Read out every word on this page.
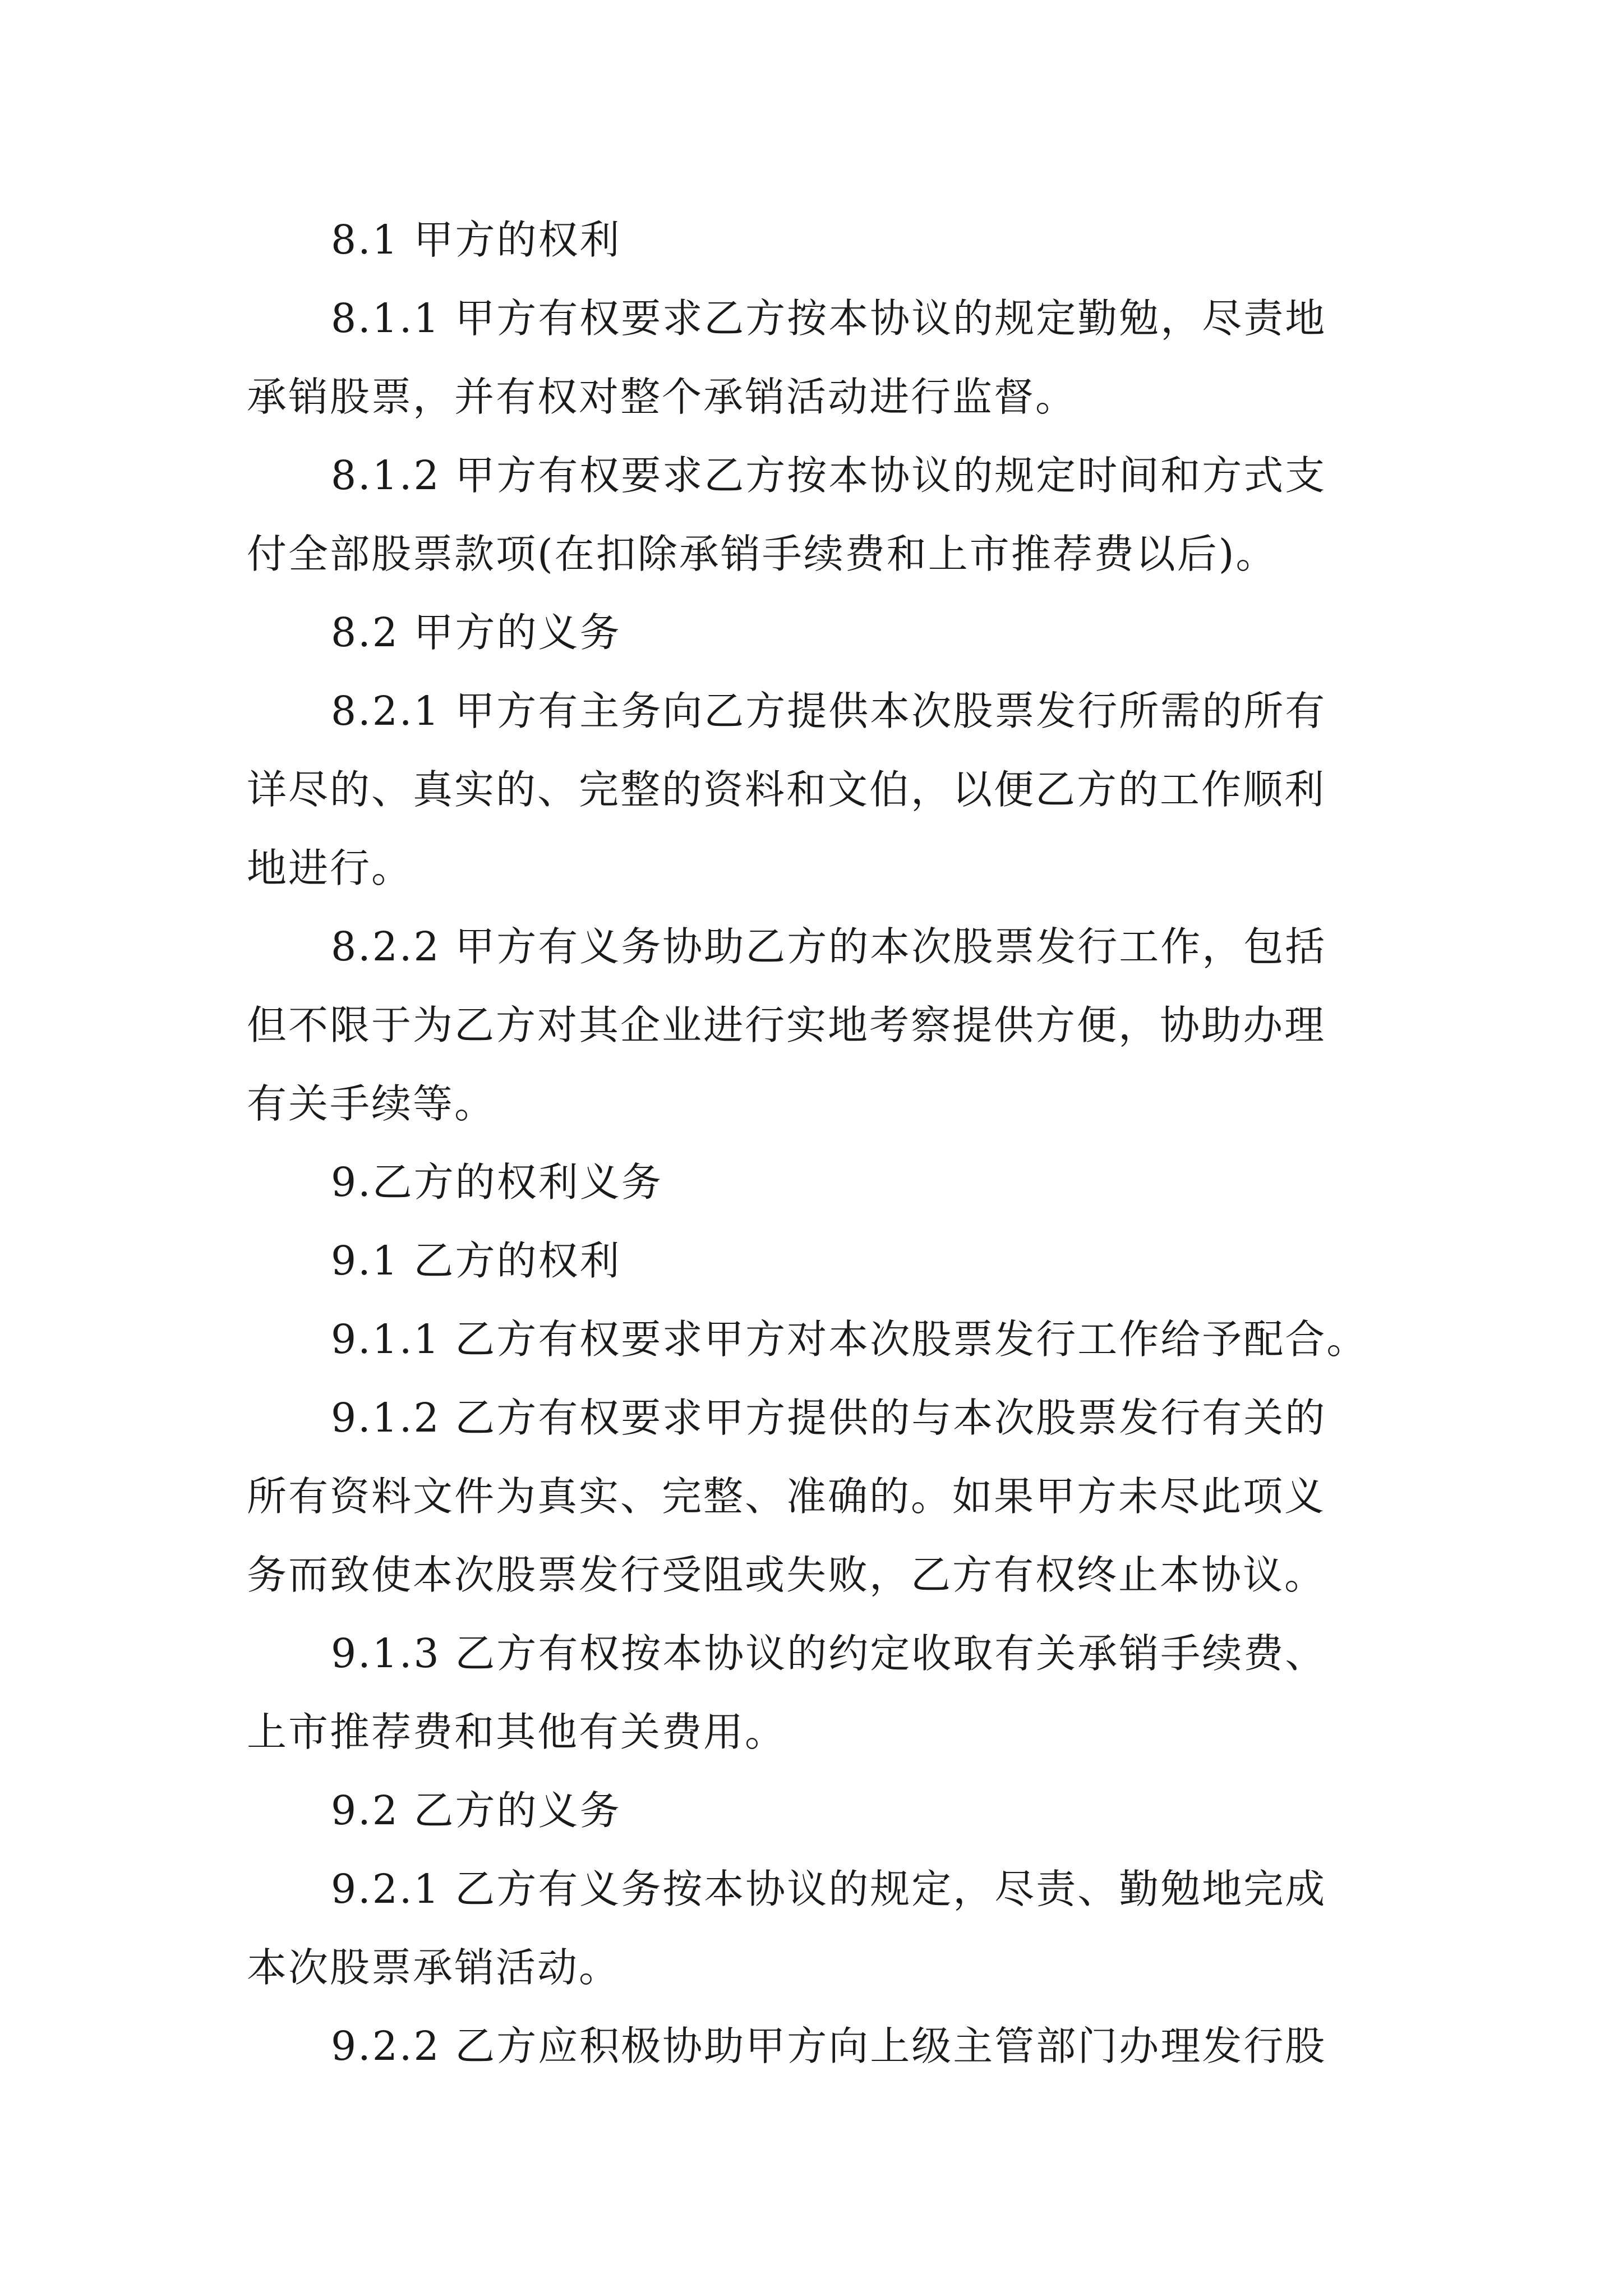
8.1 甲方的权利
8.1.1 甲方有权要求乙方按本协议的规定勤勉，尽责地
承销股票，并有权对整个承销活动进行监督。
8.1.2 甲方有权要求乙方按本协议的规定时间和方式支
付全部股票款项(在扣除承销手续费和上市推荐费以后)。
8.2 甲方的义务
8.2.1 甲方有主务向乙方提供本次股票发行所需的所有
详尽的、真实的、完整的资料和文伯，以便乙方的工作顺利
地进行。
8.2.2 甲方有义务协助乙方的本次股票发行工作，包括
但不限于为乙方对其企业进行实地考察提供方便，协助办理
有关手续等。
9.乙方的权利义务
9.1 乙方的权利
9.1.1 乙方有权要求甲方对本次股票发行工作给予配合。
9.1.2 乙方有权要求甲方提供的与本次股票发行有关的
所有资料文件为真实、完整、准确的。如果甲方未尽此项义
务而致使本次股票发行受阻或失败，乙方有权终止本协议。
9.1.3 乙方有权按本协议的约定收取有关承销手续费、
上市推荐费和其他有关费用。
9.2 乙方的义务
9.2.1 乙方有义务按本协议的规定，尽责、勤勉地完成
本次股票承销活动。
9.2.2 乙方应积极协助甲方向上级主管部门办理发行股
